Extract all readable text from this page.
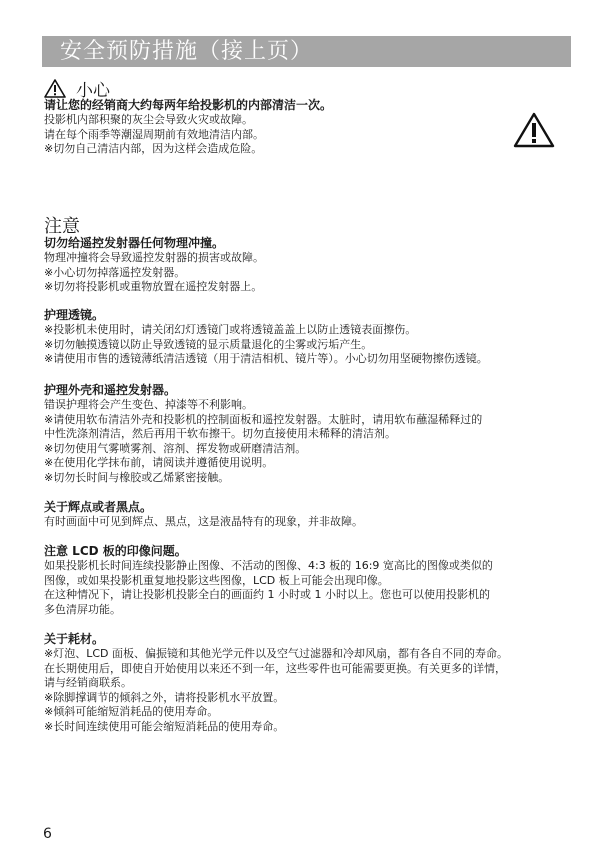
安全预防措施（接上页）
小心

请让您的经销商大约每两年给投影机的内部清洁一次。

投影机内部积聚的灰尘会导致火灾或故障。

请在每个雨季等潮湿周期前有效地清洁内部。

※切勿自己清洁内部，因为这样会造成危险。

注意

切勿给遥控发射器任何物理冲撞。

物理冲撞将会导致遥控发射器的损害或故障。

※小心切勿掉落遥控发射器。

※切勿将投影机或重物放置在遥控发射器上。

护理透镜。

※投影机未使用时，请关闭幻灯透镜门或将透镜盖盖上以防止透镜表面擦伤。

※切勿触摸透镜以防止导致透镜的显示质量退化的尘雾或污垢产生。

※请使用市售的透镜薄纸清洁透镜（用于清洁相机、镜片等）。小心切勿用坚硬物擦伤透镜。

护理外壳和遥控发射器。

错误护理将会产生变色、掉漆等不利影响。

※请使用软布清洁外壳和投影机的控制面板和遥控发射器。太脏时，请用软布蘸湿稀释过的

中性洗涤剂清洁，然后再用干软布擦干。切勿直接使用未稀释的清洁剂。

※切勿使用气雾喷雾剂、溶剂、挥发物或研磨清洁剂。

※在使用化学抹布前，请阅读并遵循使用说明。

※切勿长时间与橡胶或乙烯紧密接触。

关于辉点或者黑点。

有时画面中可见到辉点、黑点，这是液晶特有的现象，并非故障。

注意 LCD 板的印像问题。

如果投影机长时间连续投影静止图像、不活动的图像、4:3 板的 16:9 宽高比的图像或类似的

图像，或如果投影机重复地投影这些图像，LCD 板上可能会出现印像。

在这种情况下，请让投影机投影全白的画面约 1 小时或 1 小时以上。您也可以使用投影机的

多色清屏功能。

关于耗材。

※灯泡、LCD 面板、偏振镜和其他光学元件以及空气过滤器和冷却风扇，都有各自不同的寿命。

在长期使用后，即使自开始使用以来还不到一年，这些零件也可能需要更换。有关更多的详情，

请与经销商联系。

※除脚撑调节的倾斜之外，请将投影机水平放置。

※倾斜可能缩短消耗品的使用寿命。

※长时间连续使用可能会缩短消耗品的使用寿命。

6
